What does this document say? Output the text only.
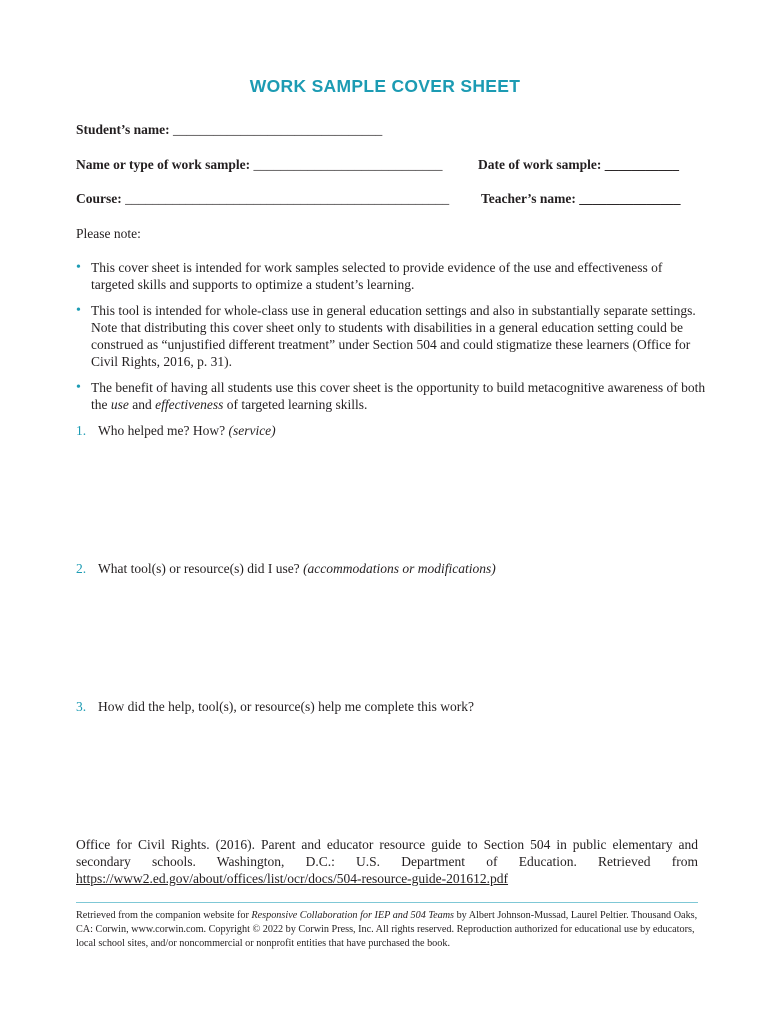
WORK SAMPLE COVER SHEET
Student’s name: _______________________________
Name or type of work sample: ____________________________	Date of work sample: ___________
Course: ________________________________________________ Teacher’s name: _______________
Please note:
• This cover sheet is intended for work samples selected to provide evidence of the use and effectiveness of targeted skills and supports to optimize a student’s learning.
• This tool is intended for whole-class use in general education settings and also in substantially separate settings. Note that distributing this cover sheet only to students with disabilities in a general education setting could be construed as “unjustified different treatment” under Section 504 and could stigmatize these learners (Office for Civil Rights, 2016, p. 31).
• The benefit of having all students use this cover sheet is the opportunity to build metacognitive awareness of both the use and effectiveness of targeted learning skills.
1. Who helped me? How? (service)
2. What tool(s) or resource(s) did I use? (accommodations or modifications)
3. How did the help, tool(s), or resource(s) help me complete this work?
Office for Civil Rights. (2016). Parent and educator resource guide to Section 504 in public elementary and secondary schools. Washington, D.C.: U.S. Department of Education. Retrieved from https://www2.ed.gov/about/offices/list/ocr/docs/504-resource-guide-201612.pdf
Retrieved from the companion website for Responsive Collaboration for IEP and 504 Teams by Albert Johnson-Mussad, Laurel Peltier. Thousand Oaks, CA: Corwin, www.corwin.com. Copyright © 2022 by Corwin Press, Inc. All rights reserved. Reproduction authorized for educational use by educators, local school sites, and/or noncommercial or nonprofit entities that have purchased the book.
